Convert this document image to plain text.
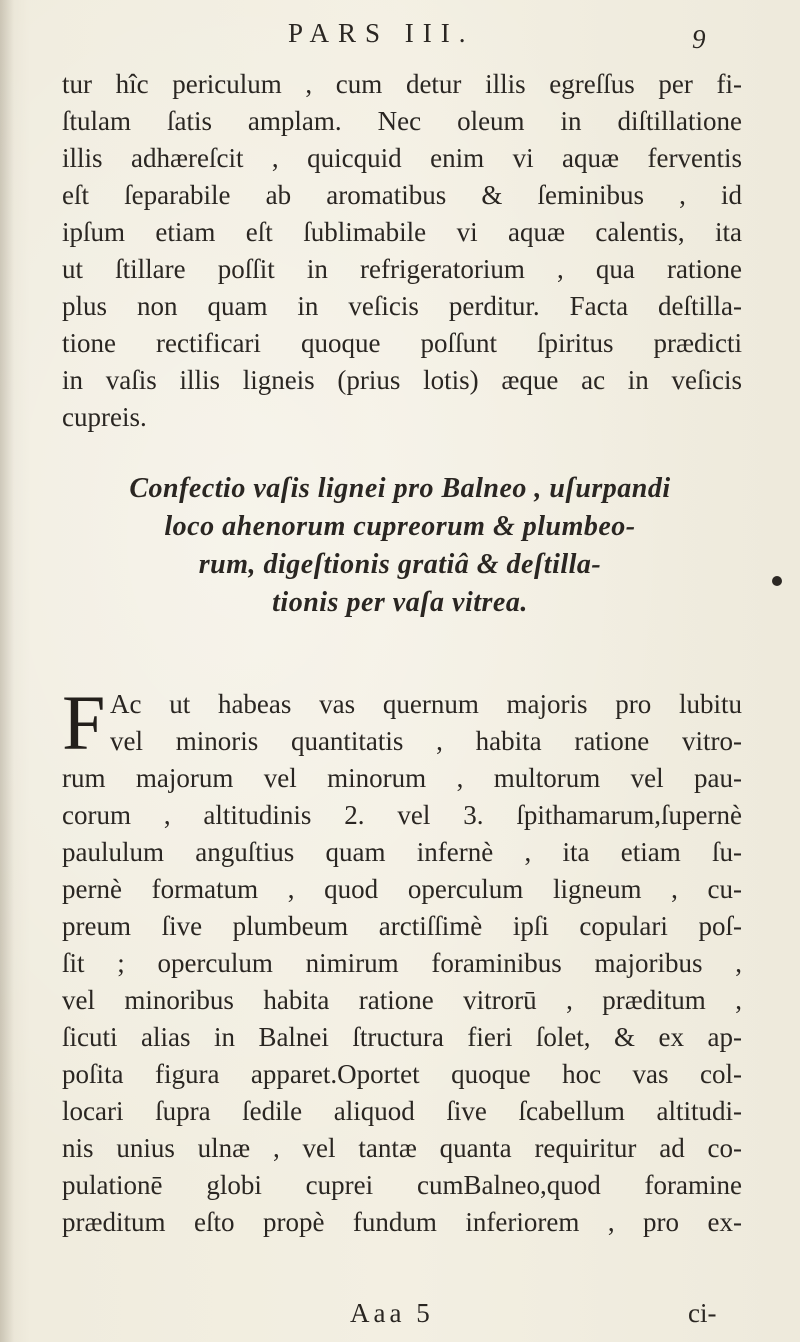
PARS III.	9
tur hîc periculum , cum detur illis egreſſus per fi-
ſtulam ſatis amplam. Nec oleum in diſtillatione
illis adhæreſcit , quicquid enim vi aquæ ferventis
eſt ſeparabile ab aromatibus & ſeminibus , id
ipſum etiam eſt ſublimabile vi aquæ calentis, ita
ut ſtillare poſſit in refrigeratorium , qua ratione
plus non quam in veſicis perditur. Facta deſtilla-
tione rectificari quoque poſſunt ſpiritus prædicti
in vaſis illis ligneis (prius lotis) æque ac in veſicis
cupreis.
Confectio vaſis lignei pro Balneo , uſurpandi
loco ahenorum cupreorum & plumbeo-
rum, digeſtionis gratiâ & deſtilla-
tionis per vaſa vitrea.
F Ac ut habeas vas quernum majoris pro lubitu
vel minoris quantitatis , habita ratione vitro-
rum majorum vel minorum , multorum vel pau-
corum , altitudinis 2. vel 3. ſpithamarum,ſupernè
paululum anguſtius quam infernè , ita etiam ſu-
pernè formatum , quod operculum ligneum , cu-
preum ſive plumbeum arctiſſimè ipſi copulari poſ-
ſit ; operculum nimirum foraminibus majoribus ,
vel minoribus habita ratione vitrorū , præditum ,
ſicuti alias in Balnei ſtructura fieri ſolet, & ex ap-
poſita figura apparet.Oportet quoque hoc vas col-
locari ſupra ſedile aliquod ſive ſcabellum altitudi-
nis unius ulnæ , vel tantæ quanta requiritur ad co-
pulationē globi cuprei cumBalneo,quod foramine
præditum eſto propè fundum inferiorem , pro ex-
Aaa 5	ci-
